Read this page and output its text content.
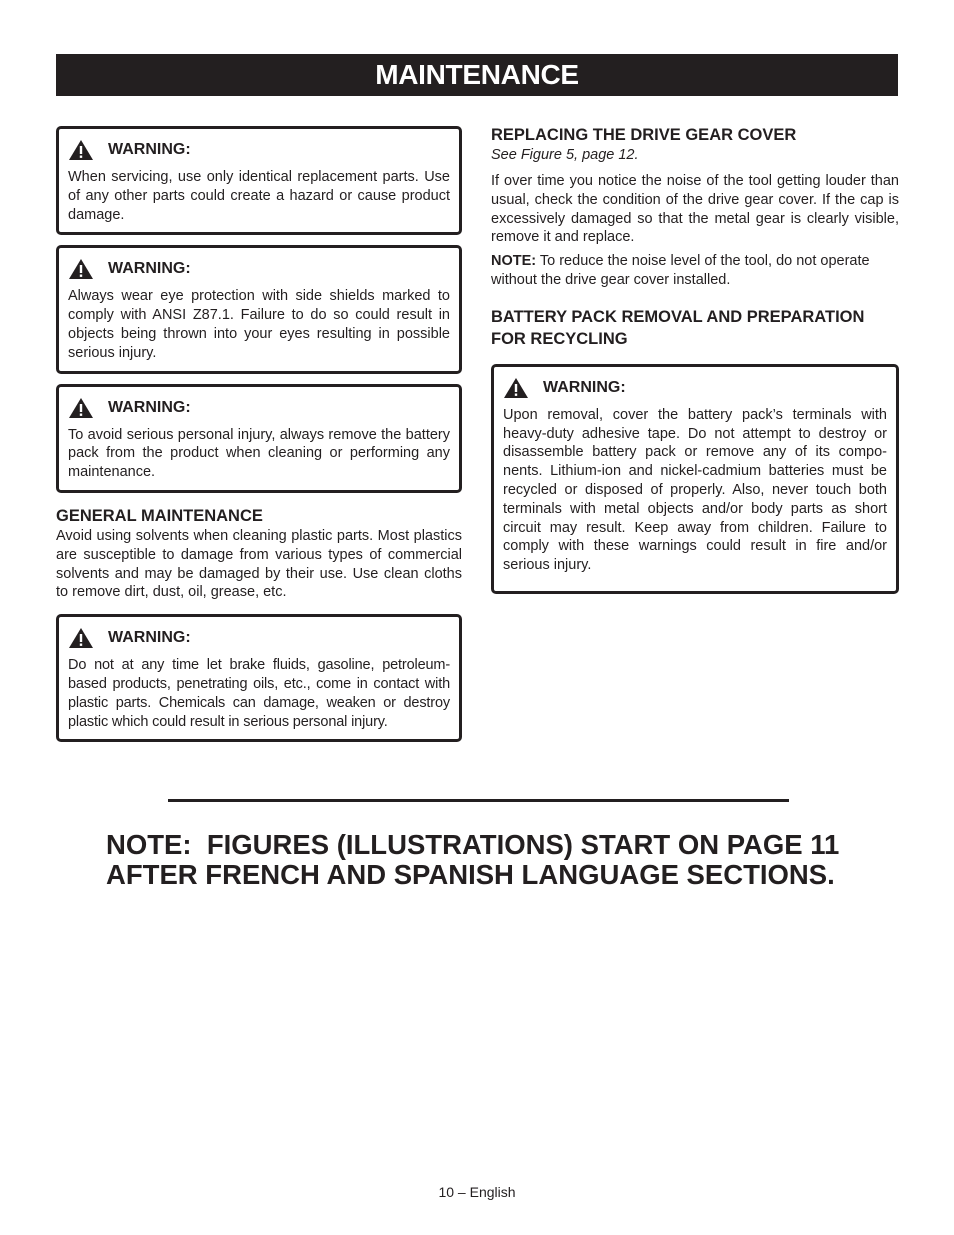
MAINTENANCE
WARNING:
When servicing, use only identical replacement parts. Use of any other parts could create a hazard or cause product damage.
WARNING:
Always wear eye protection with side shields marked to comply with ANSI Z87.1. Failure to do so could result in objects being thrown into your eyes resulting in possible serious injury.
WARNING:
To avoid serious personal injury, always remove the battery pack from the product when cleaning or performing any maintenance.
GENERAL MAINTENANCE
Avoid using solvents when cleaning plastic parts. Most plastics are susceptible to damage from various types of commercial solvents and may be damaged by their use. Use clean cloths to remove dirt, dust, oil, grease, etc.
WARNING:
Do not at any time let brake fluids, gasoline, petroleum-based products, penetrating oils, etc., come in contact with plastic parts. Chemicals can damage, weaken or destroy plastic which could result in serious personal injury.
REPLACING THE DRIVE GEAR COVER
See Figure 5, page 12.
If over time you notice the noise of the tool getting louder than usual, check the condition of the drive gear cover. If the cap is excessively damaged so that the metal gear is clearly visible, remove it and replace.
NOTE: To reduce the noise level of the tool, do not operate without the drive gear cover installed.
BATTERY PACK REMOVAL AND PREPARATION FOR RECYCLING
WARNING:
Upon removal, cover the battery pack’s terminals with heavy-duty adhesive tape. Do not attempt to destroy or disassemble battery pack or remove any of its compo-nents. Lithium-ion and nickel-cadmium batteries must be recycled or disposed of properly. Also, never touch both terminals with metal objects and/or body parts as short circuit may result. Keep away from children. Failure to comply with these warnings could result in fire and/or serious injury.
NOTE:  FIGURES (ILLUSTRATIONS) START ON PAGE 11
AFTER FRENCH AND SPANISH LANGUAGE SECTIONS.
10 – English
